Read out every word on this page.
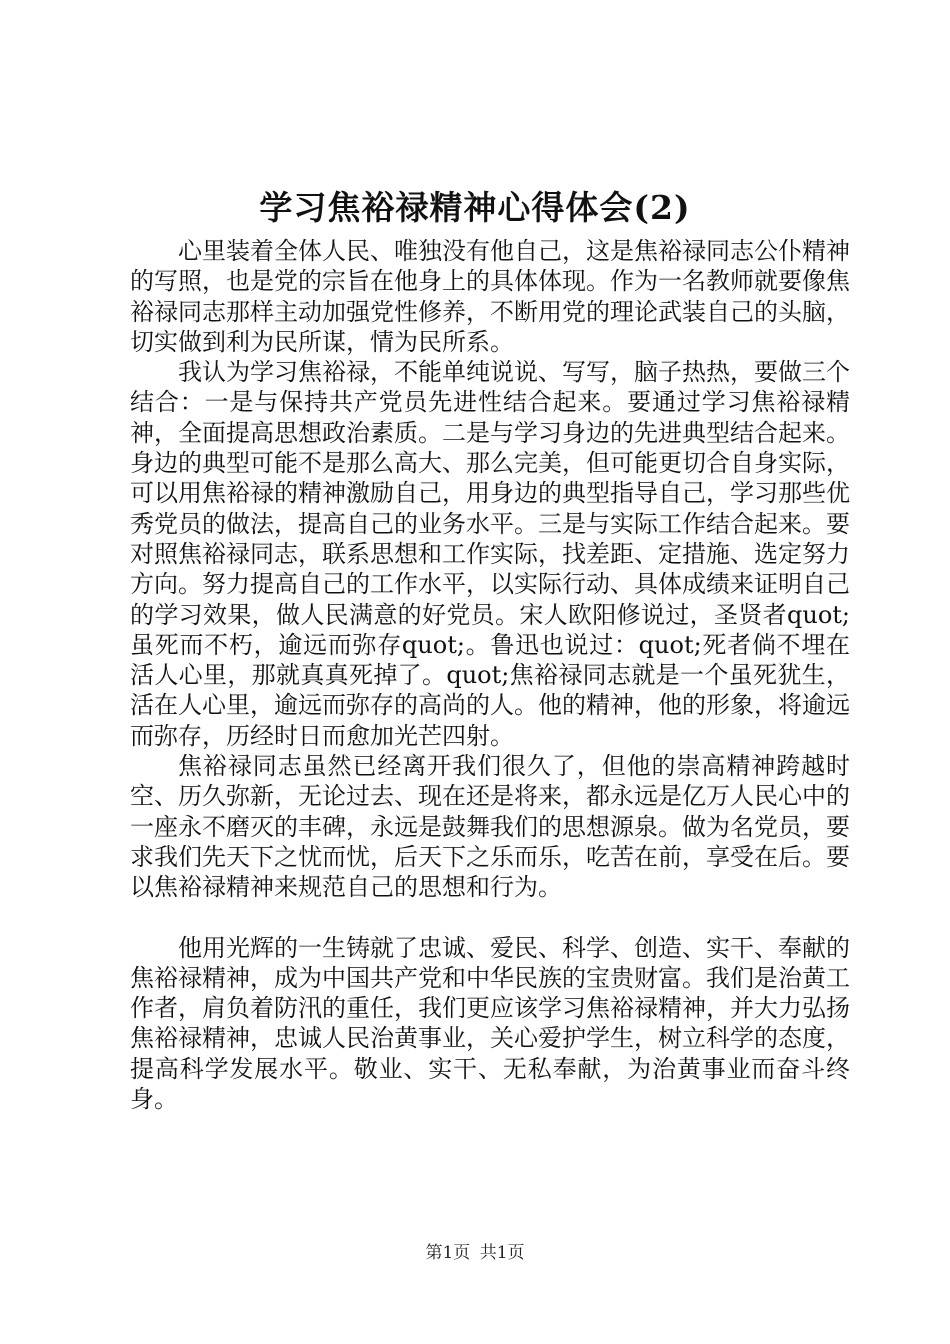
学习焦裕禄精神心得体会(2)

心里装着全体人民、唯独没有他自己，这是焦裕禄同志公仆精神的写照，也是党的宗旨在他身上的具体体现。作为一名教师就要像焦裕禄同志那样主动加强党性修养，不断用党的理论武装自己的头脑，切实做到利为民所谋，情为民所系。

我认为学习焦裕禄，不能单纯说说、写写，脑子热热，要做三个结合：一是与保持共产党员先进性结合起来。要通过学习焦裕禄精神，全面提高思想政治素质。二是与学习身边的先进典型结合起来。身边的典型可能不是那么高大、那么完美，但可能更切合自身实际，可以用焦裕禄的精神激励自己，用身边的典型指导自己，学习那些优秀党员的做法，提高自己的业务水平。三是与实际工作结合起来。要对照焦裕禄同志，联系思想和工作实际，找差距、定措施、选定努力方向。努力提高自己的工作水平，以实际行动、具体成绩来证明自己的学习效果，做人民满意的好党员。宋人欧阳修说过，圣贤者quot;虽死而不朽，逾远而弥存quot;。鲁迅也说过：quot;死者倘不埋在活人心里，那就真真死掉了。quot;焦裕禄同志就是一个虽死犹生，活在人心里，逾远而弥存的高尚的人。他的精神，他的形象，将逾远而弥存，历经时日而愈加光芒四射。

焦裕禄同志虽然已经离开我们很久了，但他的崇高精神跨越时空、历久弥新，无论过去、现在还是将来，都永远是亿万人民心中的一座永不磨灭的丰碑，永远是鼓舞我们的思想源泉。做为名党员，要求我们先天下之忧而忧，后天下之乐而乐，吃苦在前，享受在后。要以焦裕禄精神来规范自己的思想和行为。

他用光辉的一生铸就了忠诚、爱民、科学、创造、实干、奉献的焦裕禄精神，成为中国共产党和中华民族的宝贵财富。我们是治黄工作者，肩负着防汛的重任，我们更应该学习焦裕禄精神，并大力弘扬焦裕禄精神，忠诚人民治黄事业，关心爱护学生，树立科学的态度，提高科学发展水平。敬业、实干、无私奉献，为治黄事业而奋斗终身。

第1页 共1页
